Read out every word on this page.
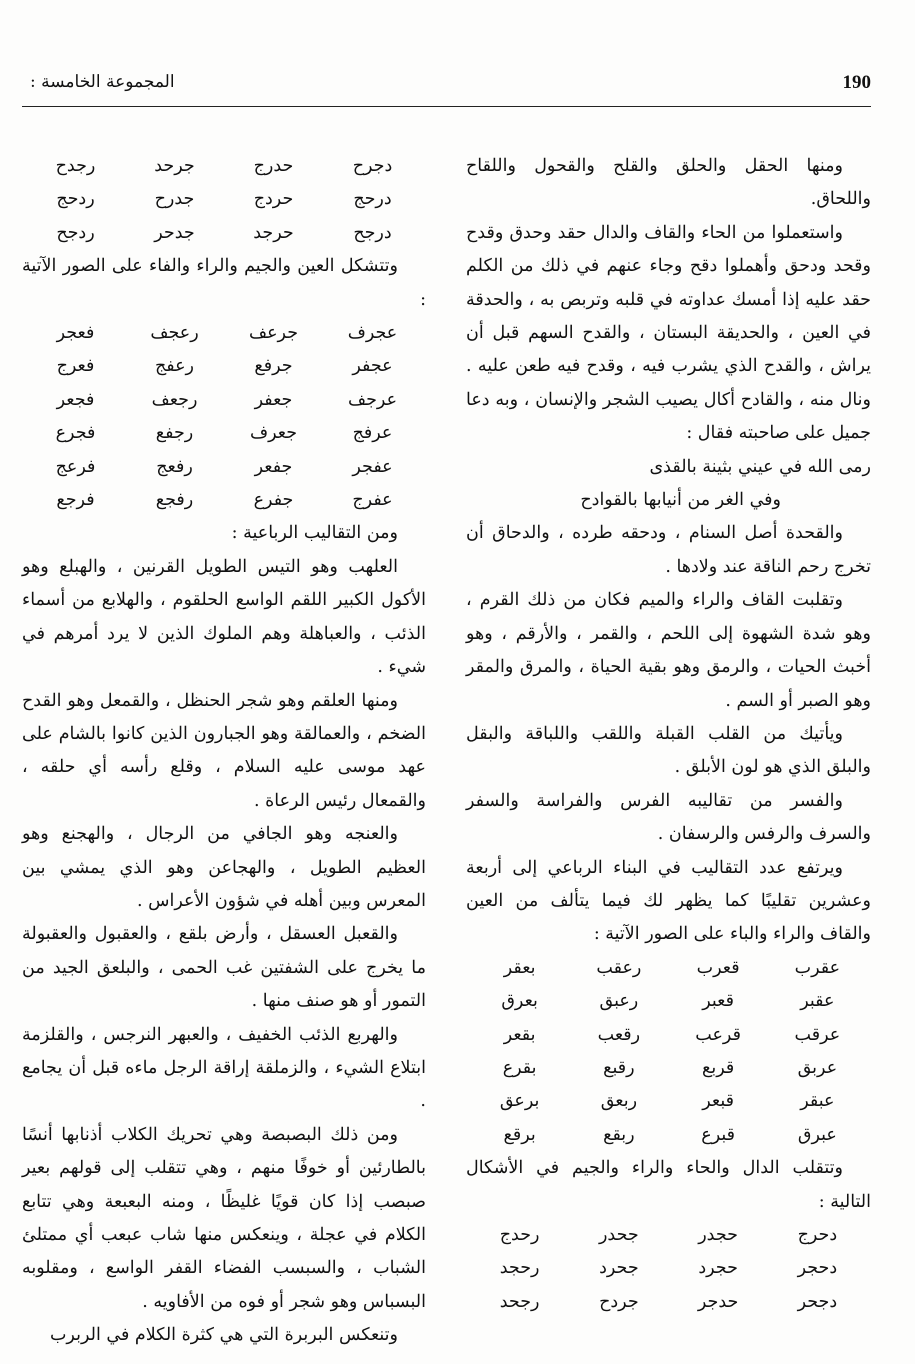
190
المجموعة الخامسة :

ومنها الحقل والحلق والقلح والقحول واللقاح واللحاق.

واستعملوا من الحاء والقاف والدال حقد وحدق وقدح وقحد ودحق وأهملوا دقح وجاء عنهم في ذلك من الكلم حقد عليه إذا أمسك عداوته في قلبه وتربص به ، والحدقة في العين ، والحديقة البستان ، والقدح السهم قبل أن يراش ، والقدح الذي يشرب فيه ، وقدح فيه طعن عليه . ونال منه ، والقادح أكال يصيب الشجر والإنسان ، وبه دعا جميل على صاحبته فقال :

رمى الله في عيني بثينة بالقذى

وفي الغر من أنيابها بالقوادح

والقحدة أصل السنام ، ودحقه طرده ، والدحاق أن تخرج رحم الناقة عند ولادها .

وتقلبت القاف والراء والميم فكان من ذلك القرم ، وهو شدة الشهوة إلى اللحم ، والقمر ، والأرقم ، وهو أخبث الحيات ، والرمق وهو بقية الحياة ، والمرق والمقر وهو الصبر أو السم .

ويأتيك من القلب القبلة واللقب واللباقة والبقل والبلق الذي هو لون الأبلق .

والفسر من تقاليبه الفرس والفراسة والسفر والسرف والرفس والرسفان .

ويرتفع عدد التقاليب في البناء الرباعي إلى أربعة وعشرين تقليبًا كما يظهر لك فيما يتألف من العين والقاف والراء والباء على الصور الآتية :

عقرب
قعرب
رعقب
بعقر
عقبر
قعبر
رعبق
بعرق
عرقب
قرعب
رقعب
بقعر
عربق
قربع
رقبع
بقرع
عبقر
قبعر
ربعق
برعق
عبرق
قبرع
ربقع
برقع

وتتقلب الدال والحاء والراء والجيم في الأشكال التالية :

دحرج
حجدر
جحدر
رحدج
دحجر
حجرد
جحرد
رحجد
دجحر
حدجر
جردح
رجحد
دجرح
حدرج
جرحد
رجدح
درحج
حردج
جدرح
ردحج
درجح
حرجد
جدحر
ردجح

وتتشكل العين والجيم والراء والفاء على الصور الآتية :

عجرف
جرعف
رعجف
فعجر
عجفر
جرفع
رعفج
فعرج
عرجف
جعفر
رجعف
فجعر
عرفج
جعرف
رجفع
فجرع
عفجر
جفعر
رفعج
فرعج
عفرج
جفرع
رفجع
فرجع

ومن التقاليب الرباعية :

العلهب وهو التيس الطويل القرنين ، والهبلع وهو الأكول الكبير اللقم الواسع الحلقوم ، والهلابع من أسماء الذئب ، والعباهلة وهم الملوك الذين لا يرد أمرهم في شيء .

ومنها العلقم وهو شجر الحنظل ، والقمعل وهو القدح الضخم ، والعمالقة وهو الجبارون الذين كانوا بالشام على عهد موسى عليه السلام ، وقلع رأسه أي حلقه ، والقمعال رئيس الرعاة .

والعنجه وهو الجافي من الرجال ، والهجنع وهو العظيم الطويل ، والهجاعن وهو الذي يمشي بين المعرس وبين أهله في شؤون الأعراس .

والقعبل العسقل ، وأرض بلقع ، والعقبول والعقبولة ما يخرج على الشفتين غب الحمى ، والبلعق الجيد من التمور أو هو صنف منها .

والهربع الذئب الخفيف ، والعبهر النرجس ، والقلزمة ابتلاع الشيء ، والزملقة إراقة الرجل ماءه قبل أن يجامع .

ومن ذلك البصبصة وهي تحريك الكلاب أذنابها أنسًا بالطارئين أو خوفًا منهم ، وهي تتقلب إلى قولهم بعير صبصب إذا كان قويًا غليظًا ، ومنه البعبعة وهي تتابع الكلام في عجلة ، وينعكس منها شاب عبعب أي ممتلئ الشباب ، والسبسب الفضاء القفر الواسع ، ومقلوبه البسباس وهو شجر أو فوه من الأفاويه .

وتنعكس البربرة التي هي كثرة الكلام في الربرب
